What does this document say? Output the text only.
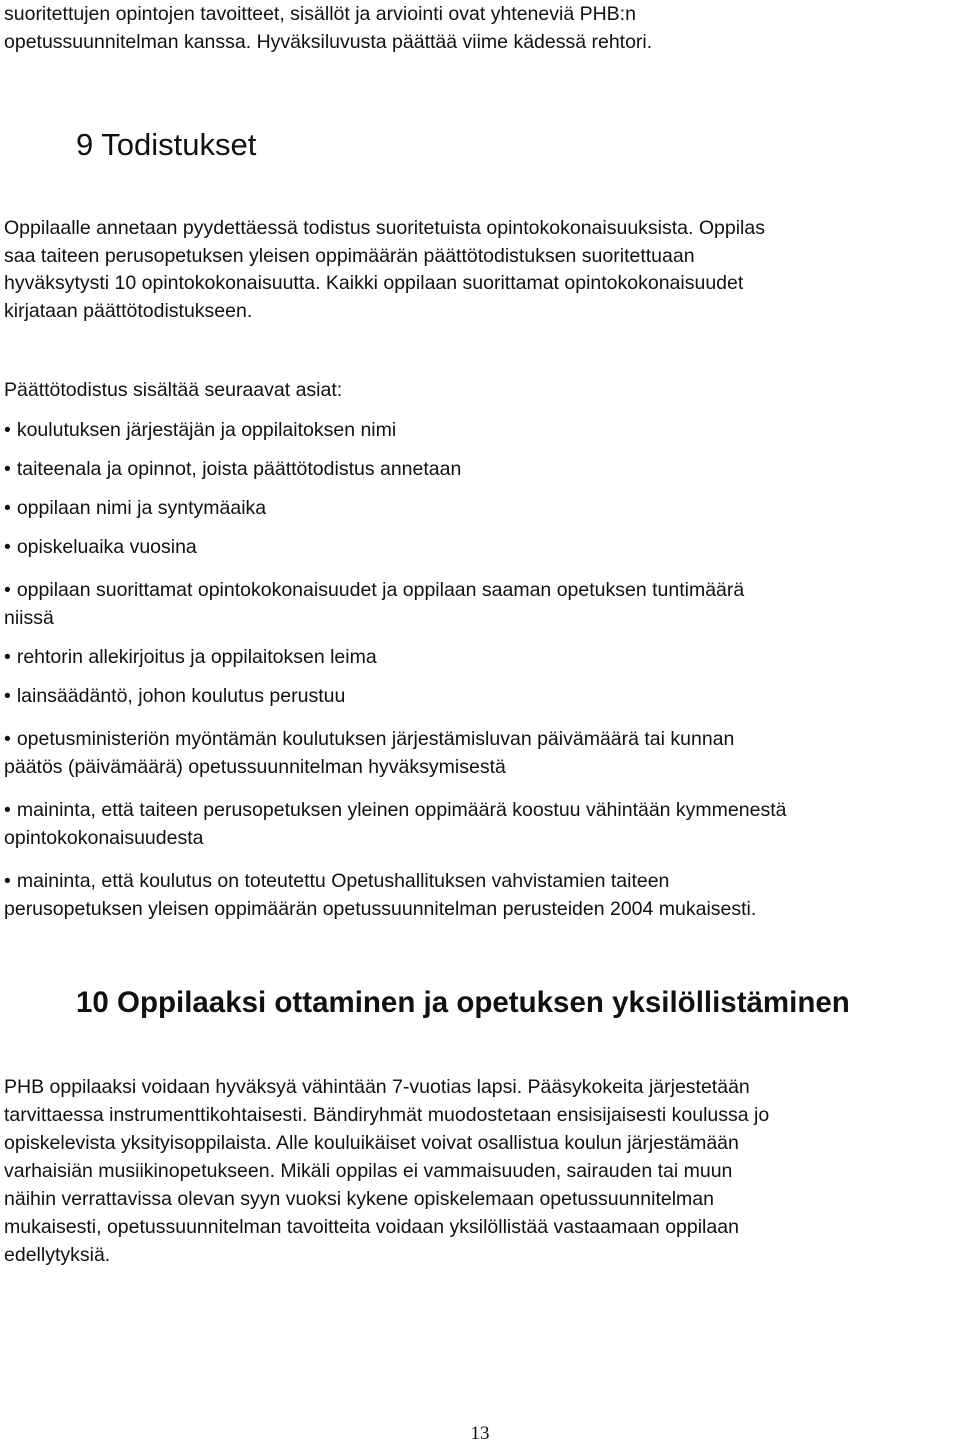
suoritettujen opintojen tavoitteet, sisällöt ja arviointi ovat yhteneviä PHB:n
opetussuunnitelman kanssa. Hyväksiluvusta päättää viime kädessä rehtori.
9 Todistukset
Oppilaalle annetaan pyydettäessä todistus suoritetuista opintokokonaisuuksista. Oppilas
saa taiteen perusopetuksen yleisen oppimäärän päättötodistuksen suoritettuaan
hyväksytysti 10 opintokokonaisuutta. Kaikki oppilaan suorittamat opintokokonaisuudet
kirjataan päättötodistukseen.
Päättötodistus sisältää seuraavat asiat:
• koulutuksen järjestäjän ja oppilaitoksen nimi
• taiteenala ja opinnot, joista päättötodistus annetaan
• oppilaan nimi ja syntymäaika
• opiskeluaika vuosina
• oppilaan suorittamat opintokokonaisuudet ja oppilaan saaman opetuksen tuntimäärä
niissä
• rehtorin allekirjoitus ja oppilaitoksen leima
• lainsäädäntö, johon koulutus perustuu
• opetusministeriön myöntämän koulutuksen järjestämisluvan päivämäärä tai kunnan
päätös (päivämäärä) opetussuunnitelman hyväksymisestä
• maininta, että taiteen perusopetuksen yleinen oppimäärä koostuu vähintään kymmenestä
opintokokonaisuudesta
• maininta, että koulutus on toteutettu Opetushallituksen vahvistamien taiteen
perusopetuksen yleisen oppimäärän opetussuunnitelman perusteiden 2004 mukaisesti.
10 Oppilaaksi ottaminen ja opetuksen yksilöllistäminen
PHB oppilaaksi voidaan hyväksyä vähintään 7-vuotias lapsi. Pääsykokeita järjestetään
tarvittaessa instrumenttikohtaisesti. Bändiryhmät muodostetaan ensisijaisesti koulussa jo
opiskelevista yksityisoppilaista. Alle kouluikäiset voivat osallistua koulun järjestämään
varhaisiän musiikinopetukseen. Mikäli oppilas ei vammaisuuden, sairauden tai muun
näihin verrattavissa olevan syyn vuoksi kykene opiskelemaan opetussuunnitelman
mukaisesti, opetussuunnitelman tavoitteita voidaan yksilöllistää vastaamaan oppilaan
edellytyksiä.
13
